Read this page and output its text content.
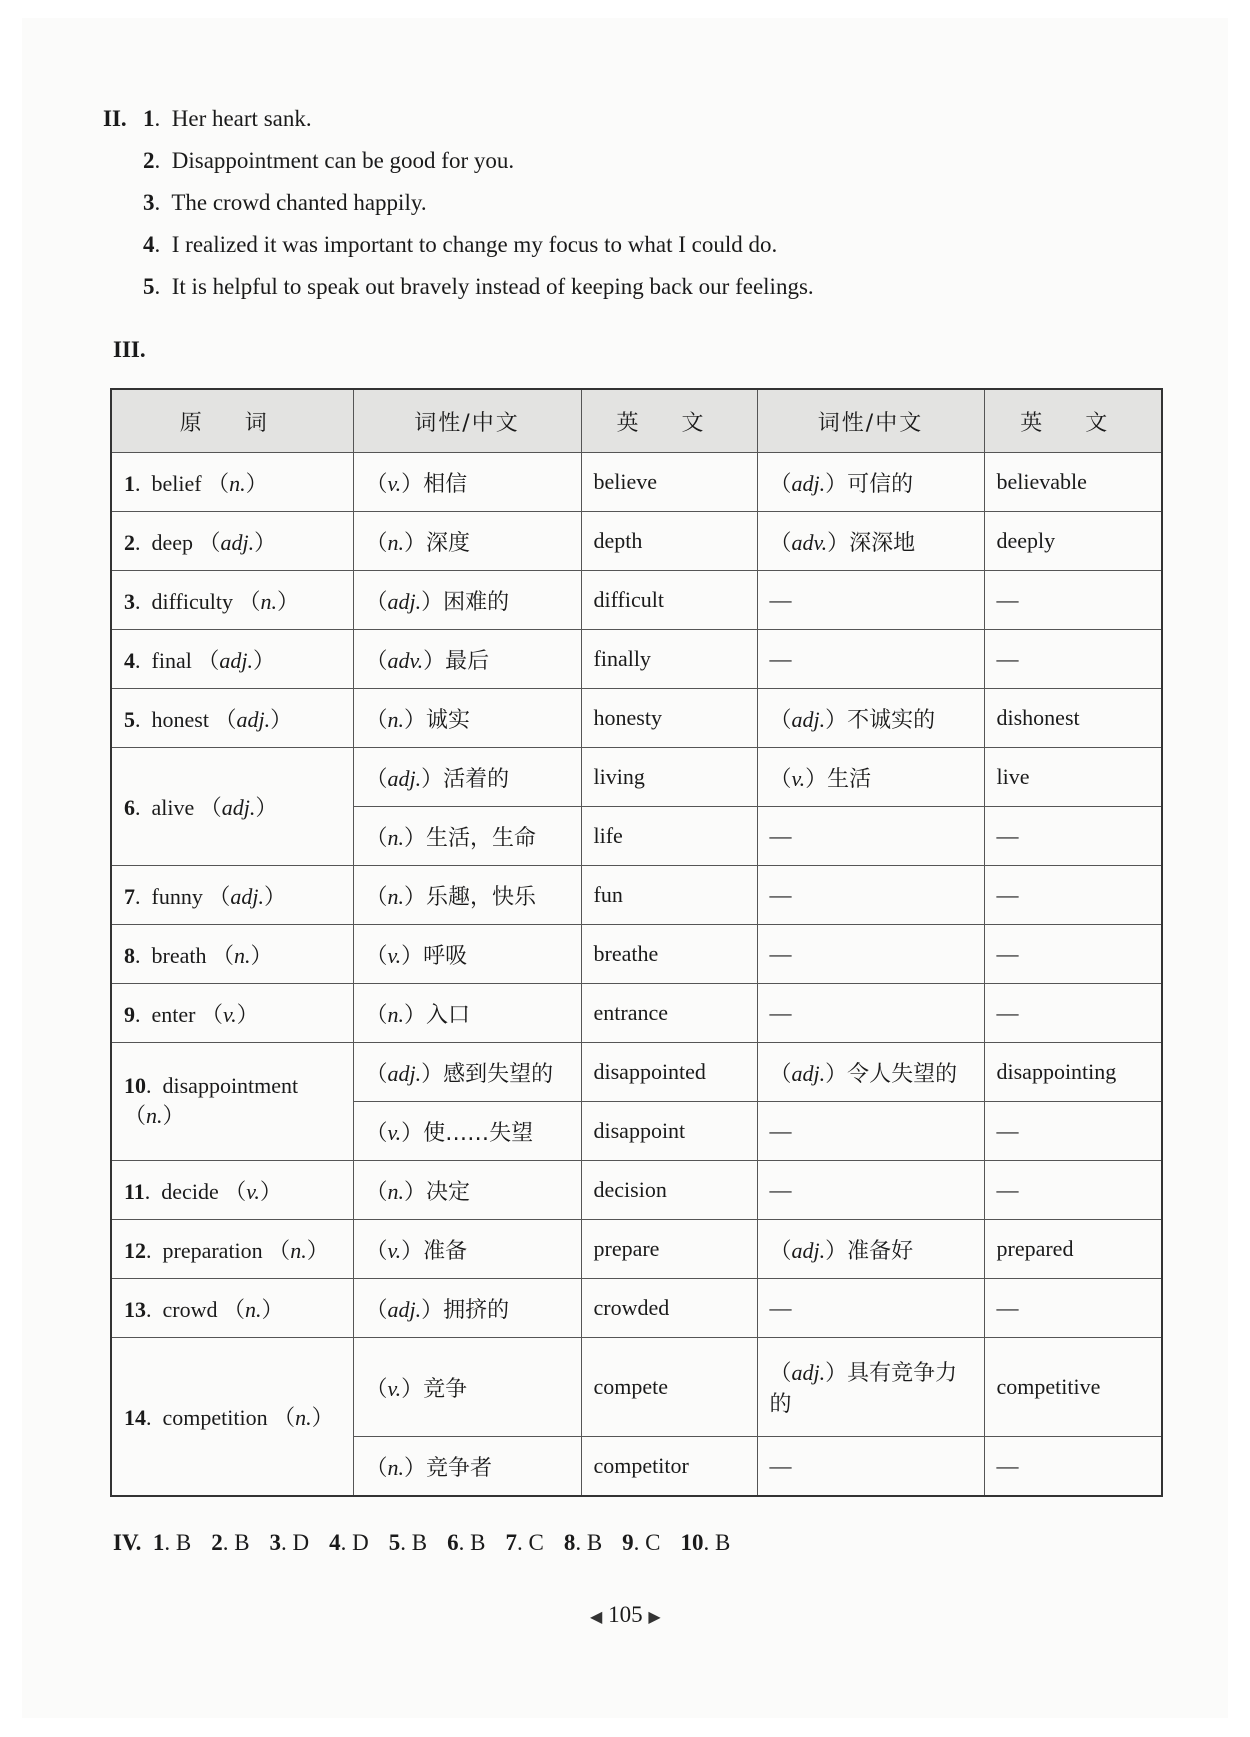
II. 1.  Her heart sank.
2.  Disappointment can be good for you.
3.  The crowd chanted happily.
4.  I realized it was important to change my focus to what I could do.
5.  It is helpful to speak out bravely instead of keeping back our feelings.
III.
原 词	词性/中文	英 文	词性/中文	英 文
1.  belief （n.）	（v.）相信	believe	（adj.）可信的	believable
2.  deep （adj.）	（n.）深度	depth	（adv.）深深地	deeply
3.  difficulty （n.）	（adj.）困难的	difficult	—	—
4.  final （adj.）	（adv.）最后	finally	—	—
5.  honest （adj.）	（n.）诚实	honesty	（adj.）不诚实的	dishonest
6.  alive （adj.）	（adj.）活着的	living	（v.）生活	live
	（n.）生活，生命	life	—	—
7.  funny （adj.）	（n.）乐趣，快乐	fun	—	—
8.  breath （n.）	（v.）呼吸	breathe	—	—
9.  enter （v.）	（n.）入口	entrance	—	—
10.  disappointment （n.）	（adj.）感到失望的	disappointed	（adj.）令人失望的	disappointing
	（v.）使……失望	disappoint	—	—
11.  decide （v.）	（n.）决定	decision	—	—
12.  preparation （n.）	（v.）准备	prepare	（adj.）准备好	prepared
13.  crowd （n.）	（adj.）拥挤的	crowded	—	—
14.  competition （n.）	（v.）竞争	compete	（adj.）具有竞争力的	competitive
	（n.）竞争者	competitor	—	—
IV. 1. B 2. B 3. D 4. D 5. B 6. B 7. C 8. B 9. C 10. B
◀ 105 ▶
